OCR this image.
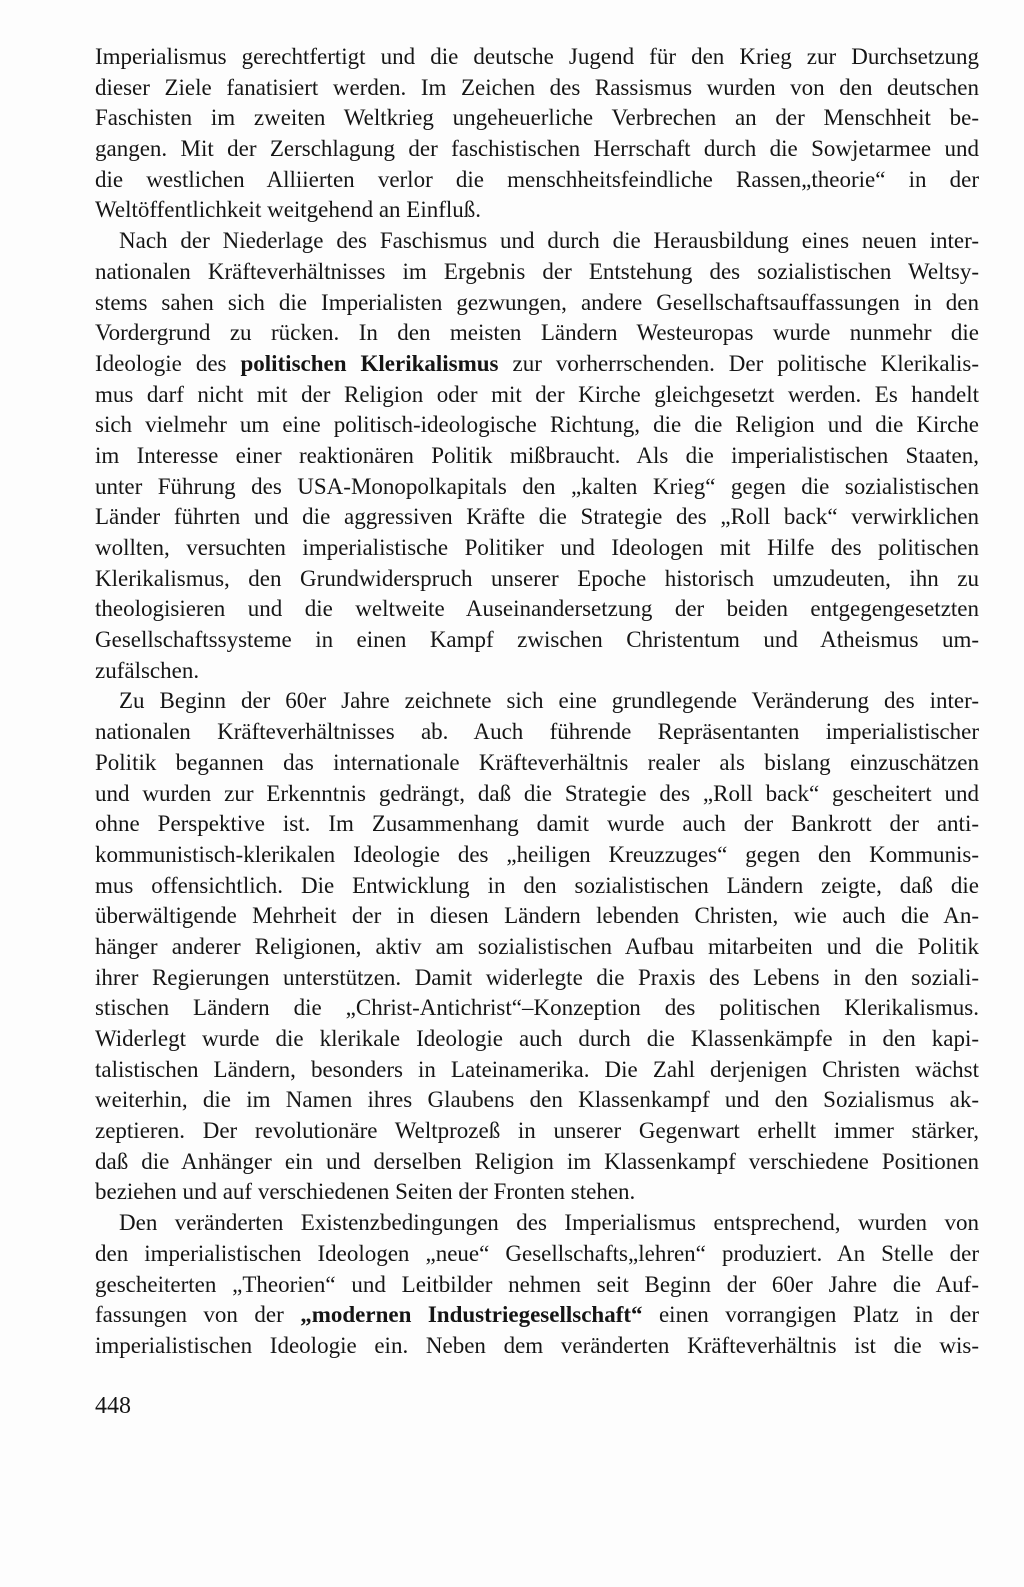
Imperialismus gerechtfertigt und die deutsche Jugend für den Krieg zur Durchsetzung
dieser Ziele fanatisiert werden. Im Zeichen des Rassismus wurden von den deutschen
Faschisten im zweiten Weltkrieg ungeheuerliche Verbrechen an der Menschheit be-
gangen. Mit der Zerschlagung der faschistischen Herrschaft durch die Sowjetarmee und
die westlichen Alliierten verlor die menschheitsfeindliche Rassen„theorie“ in der
Weltöffentlichkeit weitgehend an Einfluß.
Nach der Niederlage des Faschismus und durch die Herausbildung eines neuen inter-
nationalen Kräfteverhältnisses im Ergebnis der Entstehung des sozialistischen Weltsy-
stems sahen sich die Imperialisten gezwungen, andere Gesellschaftsauffassungen in den
Vordergrund zu rücken. In den meisten Ländern Westeuropas wurde nunmehr die
Ideologie des politischen Klerikalismus zur vorherrschenden. Der politische Klerikalis-
mus darf nicht mit der Religion oder mit der Kirche gleichgesetzt werden. Es handelt
sich vielmehr um eine politisch-ideologische Richtung, die die Religion und die Kirche
im Interesse einer reaktionären Politik mißbraucht. Als die imperialistischen Staaten,
unter Führung des USA-Monopolkapitals den „kalten Krieg“ gegen die sozialistischen
Länder führten und die aggressiven Kräfte die Strategie des „Roll back“ verwirklichen
wollten, versuchten imperialistische Politiker und Ideologen mit Hilfe des politischen
Klerikalismus, den Grundwiderspruch unserer Epoche historisch umzudeuten, ihn zu
theologisieren und die weltweite Auseinandersetzung der beiden entgegengesetzten
Gesellschaftssysteme in einen Kampf zwischen Christentum und Atheismus um-
zufälschen.
Zu Beginn der 60er Jahre zeichnete sich eine grundlegende Veränderung des inter-
nationalen Kräfteverhältnisses ab. Auch führende Repräsentanten imperialistischer
Politik begannen das internationale Kräfteverhältnis realer als bislang einzuschätzen
und wurden zur Erkenntnis gedrängt, daß die Strategie des „Roll back“ gescheitert und
ohne Perspektive ist. Im Zusammenhang damit wurde auch der Bankrott der anti-
kommunistisch-klerikalen Ideologie des „heiligen Kreuzzuges“ gegen den Kommunis-
mus offensichtlich. Die Entwicklung in den sozialistischen Ländern zeigte, daß die
überwältigende Mehrheit der in diesen Ländern lebenden Christen, wie auch die An-
hänger anderer Religionen, aktiv am sozialistischen Aufbau mitarbeiten und die Politik
ihrer Regierungen unterstützen. Damit widerlegte die Praxis des Lebens in den soziali-
stischen Ländern die „Christ-Antichrist“–Konzeption des politischen Klerikalismus.
Widerlegt wurde die klerikale Ideologie auch durch die Klassenkämpfe in den kapi-
talistischen Ländern, besonders in Lateinamerika. Die Zahl derjenigen Christen wächst
weiterhin, die im Namen ihres Glaubens den Klassenkampf und den Sozialismus ak-
zeptieren. Der revolutionäre Weltprozeß in unserer Gegenwart erhellt immer stärker,
daß die Anhänger ein und derselben Religion im Klassenkampf verschiedene Positionen
beziehen und auf verschiedenen Seiten der Fronten stehen.
Den veränderten Existenzbedingungen des Imperialismus entsprechend, wurden von
den imperialistischen Ideologen „neue“ Gesellschafts„lehren“ produziert. An Stelle der
gescheiterten „Theorien“ und Leitbilder nehmen seit Beginn der 60er Jahre die Auf-
fassungen von der „modernen Industriegesellschaft“ einen vorrangigen Platz in der
imperialistischen Ideologie ein. Neben dem veränderten Kräfteverhältnis ist die wis-
448
